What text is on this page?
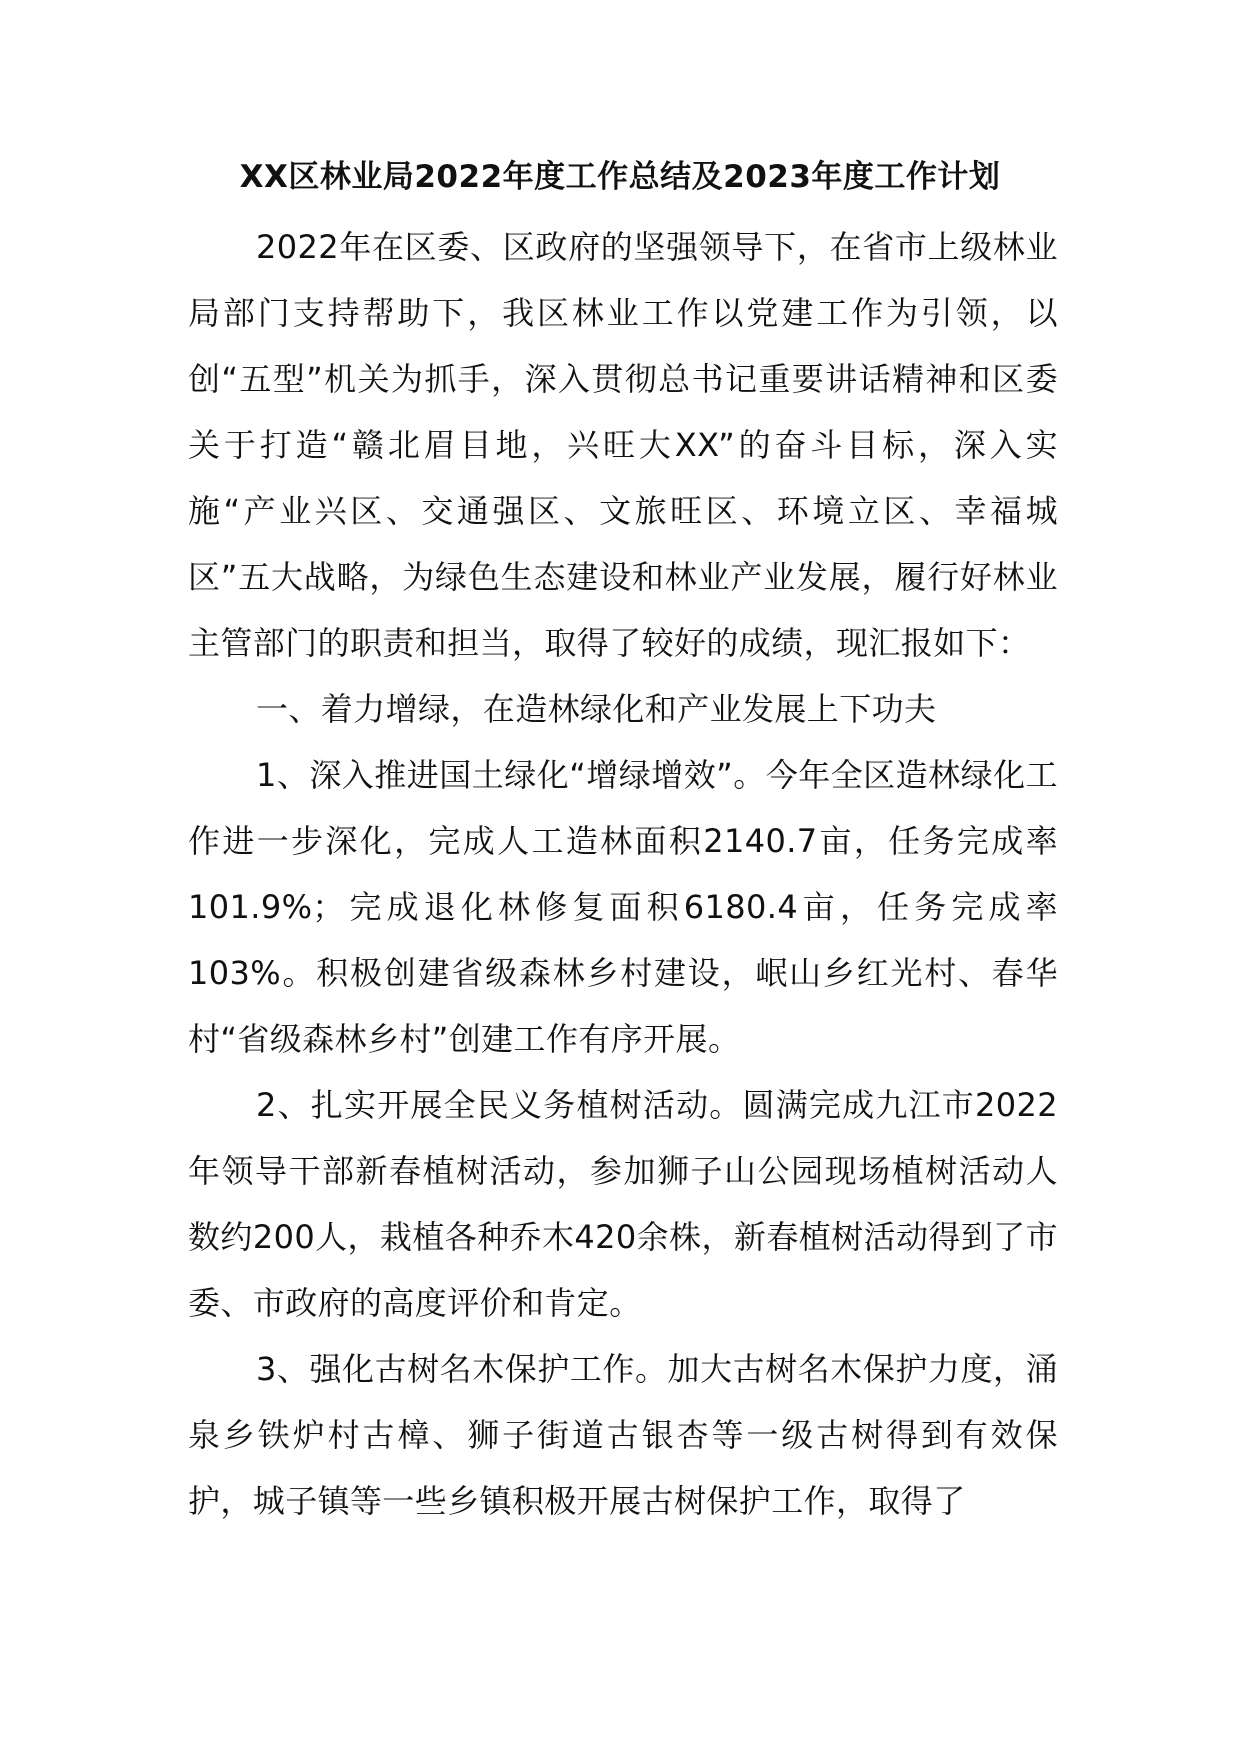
XX区林业局2022年度工作总结及2023年度工作计划

2022年在区委、区政府的坚强领导下，在省市上级林业局部门支持帮助下，我区林业工作以党建工作为引领，以创“五型”机关为抓手，深入贯彻总书记重要讲话精神和区委关于打造“赣北眉目地，兴旺大XX”的奋斗目标，深入实施“产业兴区、交通强区、文旅旺区、环境立区、幸福城区”五大战略，为绿色生态建设和林业产业发展，履行好林业主管部门的职责和担当，取得了较好的成绩，现汇报如下：

一、着力增绿，在造林绿化和产业发展上下功夫

1、深入推进国土绿化“增绿增效”。今年全区造林绿化工作进一步深化，完成人工造林面积2140.7亩，任务完成率101.9%；完成退化林修复面积6180.4亩，任务完成率103%。积极创建省级森林乡村建设，岷山乡红光村、春华村“省级森林乡村”创建工作有序开展。

2、扎实开展全民义务植树活动。圆满完成九江市2022年领导干部新春植树活动，参加狮子山公园现场植树活动人数约200人，栽植各种乔木420余株，新春植树活动得到了市委、市政府的高度评价和肯定。

3、强化古树名木保护工作。加大古树名木保护力度，涌泉乡铁炉村古樟、狮子街道古银杏等一级古树得到有效保护，城子镇等一些乡镇积极开展古树保护工作，取得了
